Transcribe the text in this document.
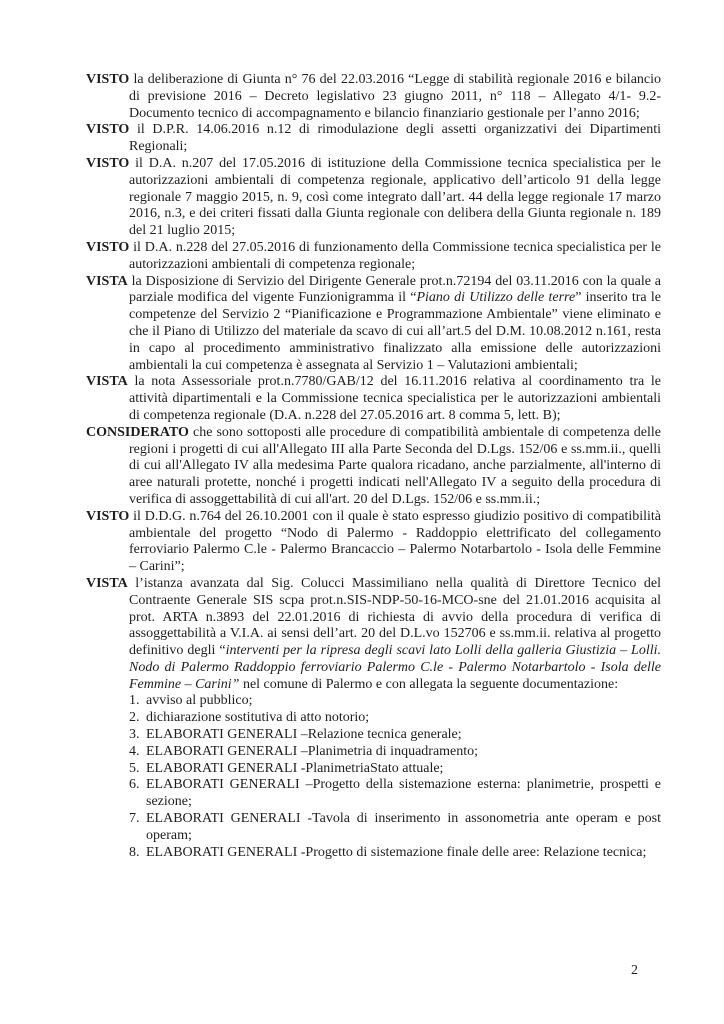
VISTO la deliberazione di Giunta n° 76 del 22.03.2016 “Legge di stabilità regionale 2016 e bilancio di previsione 2016 – Decreto legislativo 23 giugno 2011, n° 118 – Allegato 4/1- 9.2- Documento tecnico di accompagnamento e bilancio finanziario gestionale per l’anno 2016;

VISTO il D.P.R. 14.06.2016 n.12 di rimodulazione degli assetti organizzativi dei Dipartimenti Regionali;

VISTO il D.A. n.207 del 17.05.2016 di istituzione della Commissione tecnica specialistica per le autorizzazioni ambientali di competenza regionale, applicativo dell’articolo 91 della legge regionale 7 maggio 2015, n. 9, così come integrato dall’art. 44 della legge regionale 17 marzo 2016, n.3, e dei criteri fissati dalla Giunta regionale con delibera della Giunta regionale n. 189 del 21 luglio 2015;

VISTO il D.A. n.228 del 27.05.2016 di funzionamento della Commissione tecnica specialistica per le autorizzazioni ambientali di competenza regionale;

VISTA la Disposizione di Servizio del Dirigente Generale prot.n.72194 del 03.11.2016 con la quale a parziale modifica del vigente Funzionigramma il “Piano di Utilizzo delle terre” inserito tra le competenze del Servizio 2 “Pianificazione e Programmazione Ambientale” viene eliminato e che il Piano di Utilizzo del materiale da scavo di cui all’art.5 del D.M. 10.08.2012 n.161, resta in capo al procedimento amministrativo finalizzato alla emissione delle autorizzazioni ambientali la cui competenza è assegnata al Servizio 1 – Valutazioni ambientali;

VISTA la nota Assessoriale prot.n.7780/GAB/12 del 16.11.2016 relativa al coordinamento tra le attività dipartimentali e la Commissione tecnica specialistica per le autorizzazioni ambientali di competenza regionale (D.A. n.228 del 27.05.2016 art. 8 comma 5, lett. B);

CONSIDERATO che sono sottoposti alle procedure di compatibilità ambientale di competenza delle regioni i progetti di cui all'Allegato III alla Parte Seconda del D.Lgs. 152/06 e ss.mm.ii., quelli di cui all'Allegato IV alla medesima Parte qualora ricadano, anche parzialmente, all'interno di aree naturali protette, nonché i progetti indicati nell'Allegato IV a seguito della procedura di verifica di assoggettabilità di cui all'art. 20 del D.Lgs. 152/06 e ss.mm.ii.;

VISTO il D.D.G. n.764 del 26.10.2001 con il quale è stato espresso giudizio positivo di compatibilità ambientale del progetto “Nodo di Palermo - Raddoppio elettrificato del collegamento ferroviario Palermo C.le - Palermo Brancaccio – Palermo Notarbartolo - Isola delle Femmine – Carini”;

VISTA l’istanza avanzata dal Sig. Colucci Massimiliano nella qualità di Direttore Tecnico del Contraente Generale SIS scpa prot.n.SIS-NDP-50-16-MCO-sne del 21.01.2016 acquisita al prot. ARTA n.3893 del 22.01.2016 di richiesta di avvio della procedura di verifica di assoggettabilità a V.I.A. ai sensi dell’art. 20 del D.L.vo 152706 e ss.mm.ii. relativa al progetto definitivo degli “interventi per la ripresa degli scavi lato Lolli della galleria Giustizia – Lolli. Nodo di Palermo Raddoppio ferroviario Palermo C.le - Palermo Notarbartolo - Isola delle Femmine – Carini” nel comune di Palermo e con allegata la seguente documentazione:

1. avviso al pubblico;
2. dichiarazione sostitutiva di atto notorio;
3. ELABORATI GENERALI –Relazione tecnica generale;
4. ELABORATI GENERALI –Planimetria di inquadramento;
5. ELABORATI GENERALI -PlanimetriaStato attuale;
6. ELABORATI GENERALI –Progetto della sistemazione esterna: planimetrie, prospetti e sezione;
7. ELABORATI GENERALI -Tavola di inserimento in assonometria ante operam e post operam;
8. ELABORATI GENERALI -Progetto di sistemazione finale delle aree: Relazione tecnica;
2
